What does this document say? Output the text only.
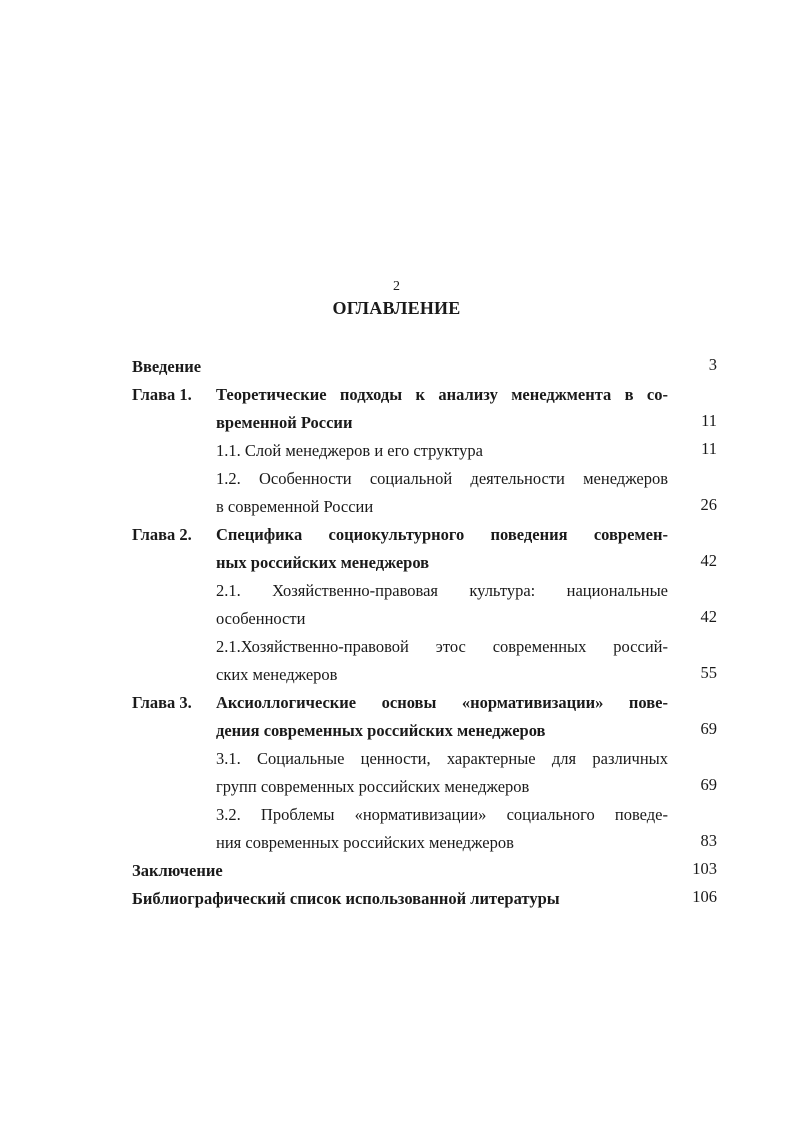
2
ОГЛАВЛЕНИЕ
Введение	3
Глава 1. Теоретические подходы к анализу менеджмента в со-
временной России	11
1.1. Слой менеджеров и его структура	11
1.2. Особенности социальной деятельности менеджеров
в современной России	26
Глава 2. Специфика социокультурного поведения современ-
ных российских менеджеров	42
2.1. Хозяйственно-правовая культура: национальные
особенности	42
2.1.Хозяйственно-правовой этос современных россий-
ских менеджеров	55
Глава 3. Аксиоллогические основы «нормативизации» пове-
дения современных российских менеджеров	69
3.1. Социальные ценности, характерные для различных
групп современных российских менеджеров	69
3.2. Проблемы «нормативизации» социального поведе-
ния современных российских менеджеров	83
Заключение	103
Библиографический список использованной литературы	106
